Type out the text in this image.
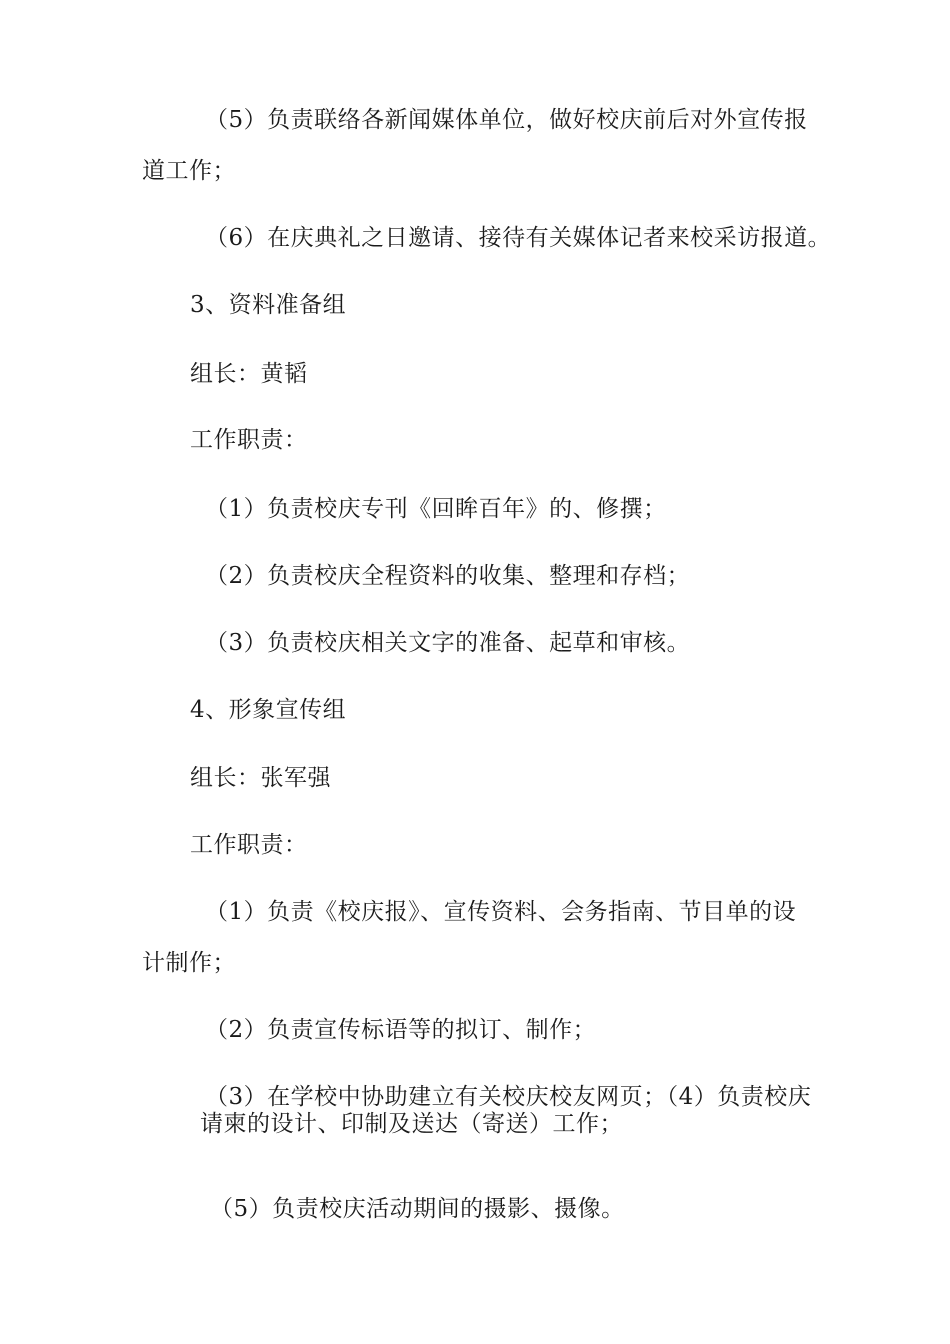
（5）负责联络各新闻媒体单位，做好校庆前后对外宣传报
道工作；
（6）在庆典礼之日邀请、接待有关媒体记者来校采访报道。
3、资料准备组
组长：黄韬
工作职责：
（1）负责校庆专刊《回眸百年》的、修撰；
（2）负责校庆全程资料的收集、整理和存档；
（3）负责校庆相关文字的准备、起草和审核。
4、形象宣传组
组长：张军强
工作职责：
（1）负责《校庆报》、宣传资料、会务指南、节目单的设
计制作；
（2）负责宣传标语等的拟订、制作；
（3）在学校中协助建立有关校庆校友网页；（4）负责校庆
请柬的设计、印制及送达（寄送）工作；
（5）负责校庆活动期间的摄影、摄像。
